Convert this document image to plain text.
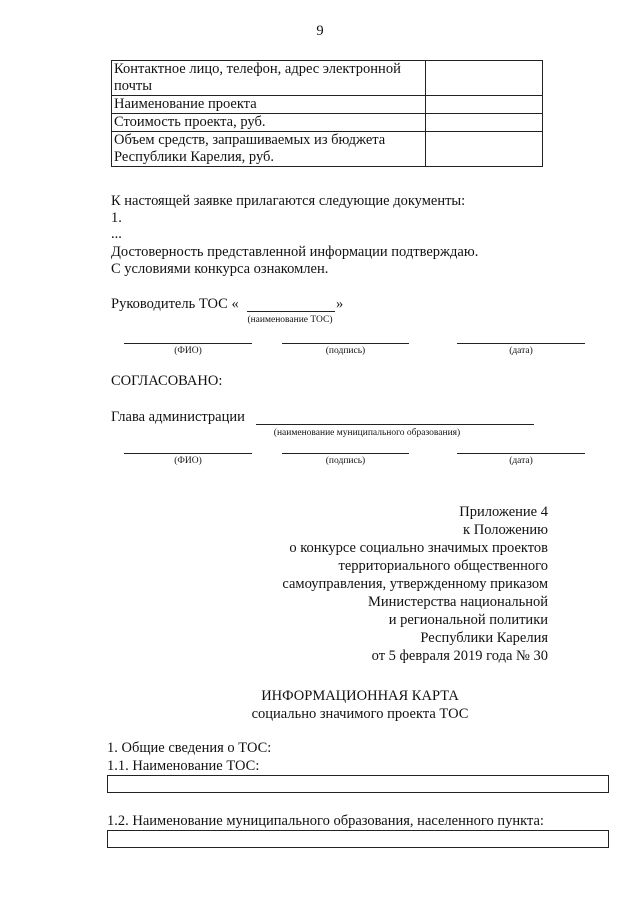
9
Контактное лицо, телефон, адрес электронной почты	
Наименование проекта	
Стоимость проекта, руб.	
Объем средств, запрашиваемых из бюджета Республики Карелия, руб.	
К настоящей заявке прилагаются следующие документы:
1.
...
Достоверность представленной информации подтверждаю.
С условиями конкурса ознакомлен.
Руководитель ТОС «	»
(наименование ТОС)
(ФИО)	(подпись)	(дата)
СОГЛАСОВАНО:
Глава администрации
(наименование муниципального образования)
(ФИО)	(подпись)	(дата)
Приложение 4
к Положению
о конкурсе социально значимых проектов
территориального общественного
самоуправления, утвержденному приказом
Министерства национальной
и региональной политики
Республики Карелия
от 5 февраля 2019 года № 30
ИНФОРМАЦИОННАЯ КАРТА
социально значимого проекта ТОС
1. Общие сведения о ТОС:
1.1. Наименование ТОС:
1.2. Наименование муниципального образования, населенного пункта:
